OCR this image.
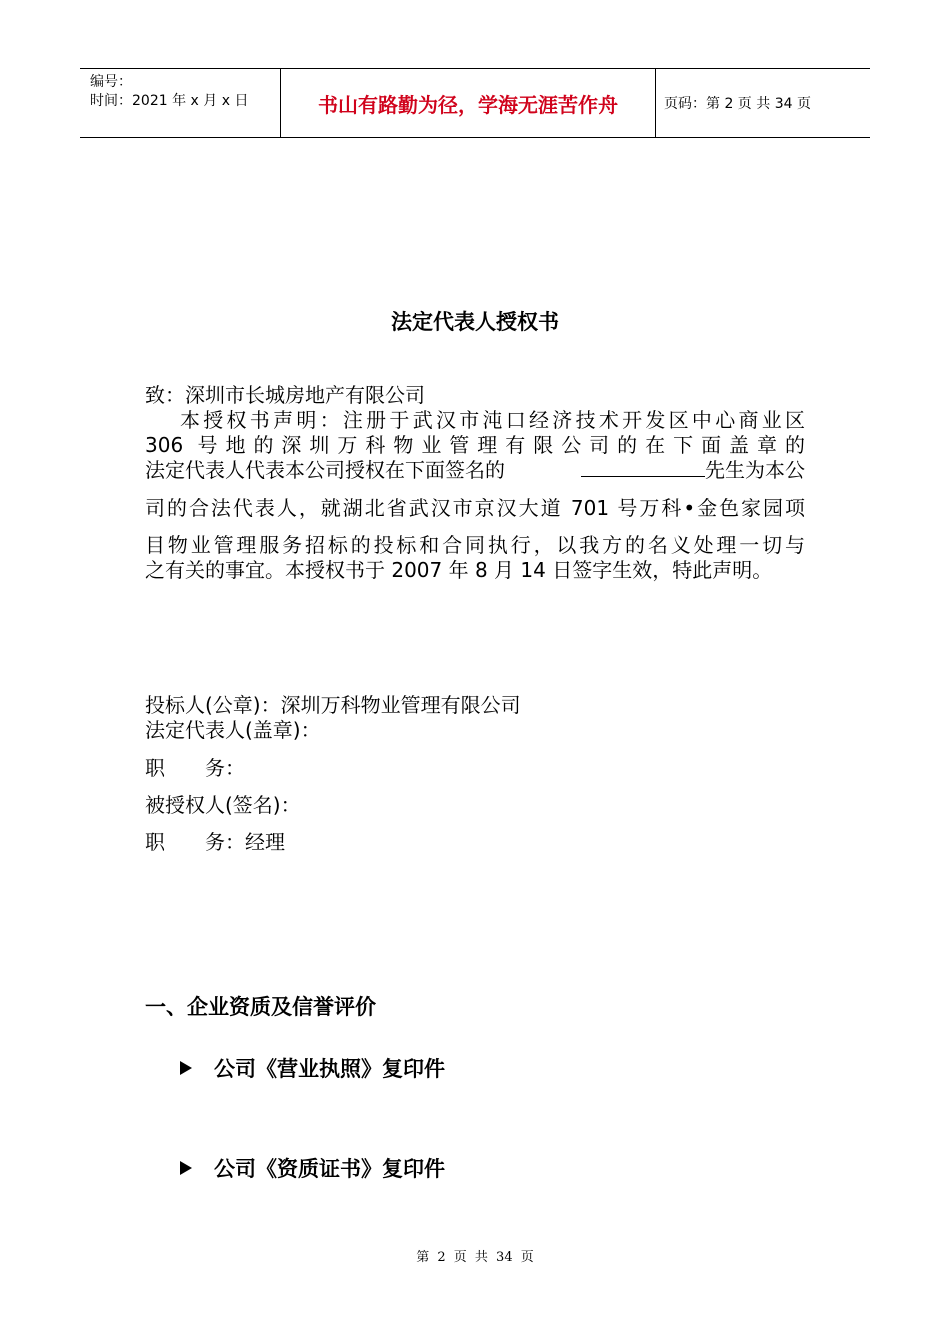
编号：
时间：2021 年 x 月 x 日	书山有路勤为径，学海无涯苦作舟	页码：第 2 页 共 34 页
法定代表人授权书
致：深圳市长城房地产有限公司
本授权书声明：注册于武汉市沌口经济技术开发区中心商业区
306 号地的深圳万科物业管理有限公司的在下面盖章的
法定代表人代表本公司授权在下面签名的	先生为本公
司的合法代表人，就湖北省武汉市京汉大道 701 号万科•金色家园项
目物业管理服务招标的投标和合同执行，以我方的名义处理一切与
之有关的事宜。本授权书于 2007 年 8 月 14 日签字生效，特此声明。
投标人(公章)：深圳万科物业管理有限公司
法定代表人(盖章)：
职　　务：
被授权人(签名)：
职　　务：经理
一、企业资质及信誉评价
公司《营业执照》复印件
公司《资质证书》复印件
第 2 页 共 34 页
